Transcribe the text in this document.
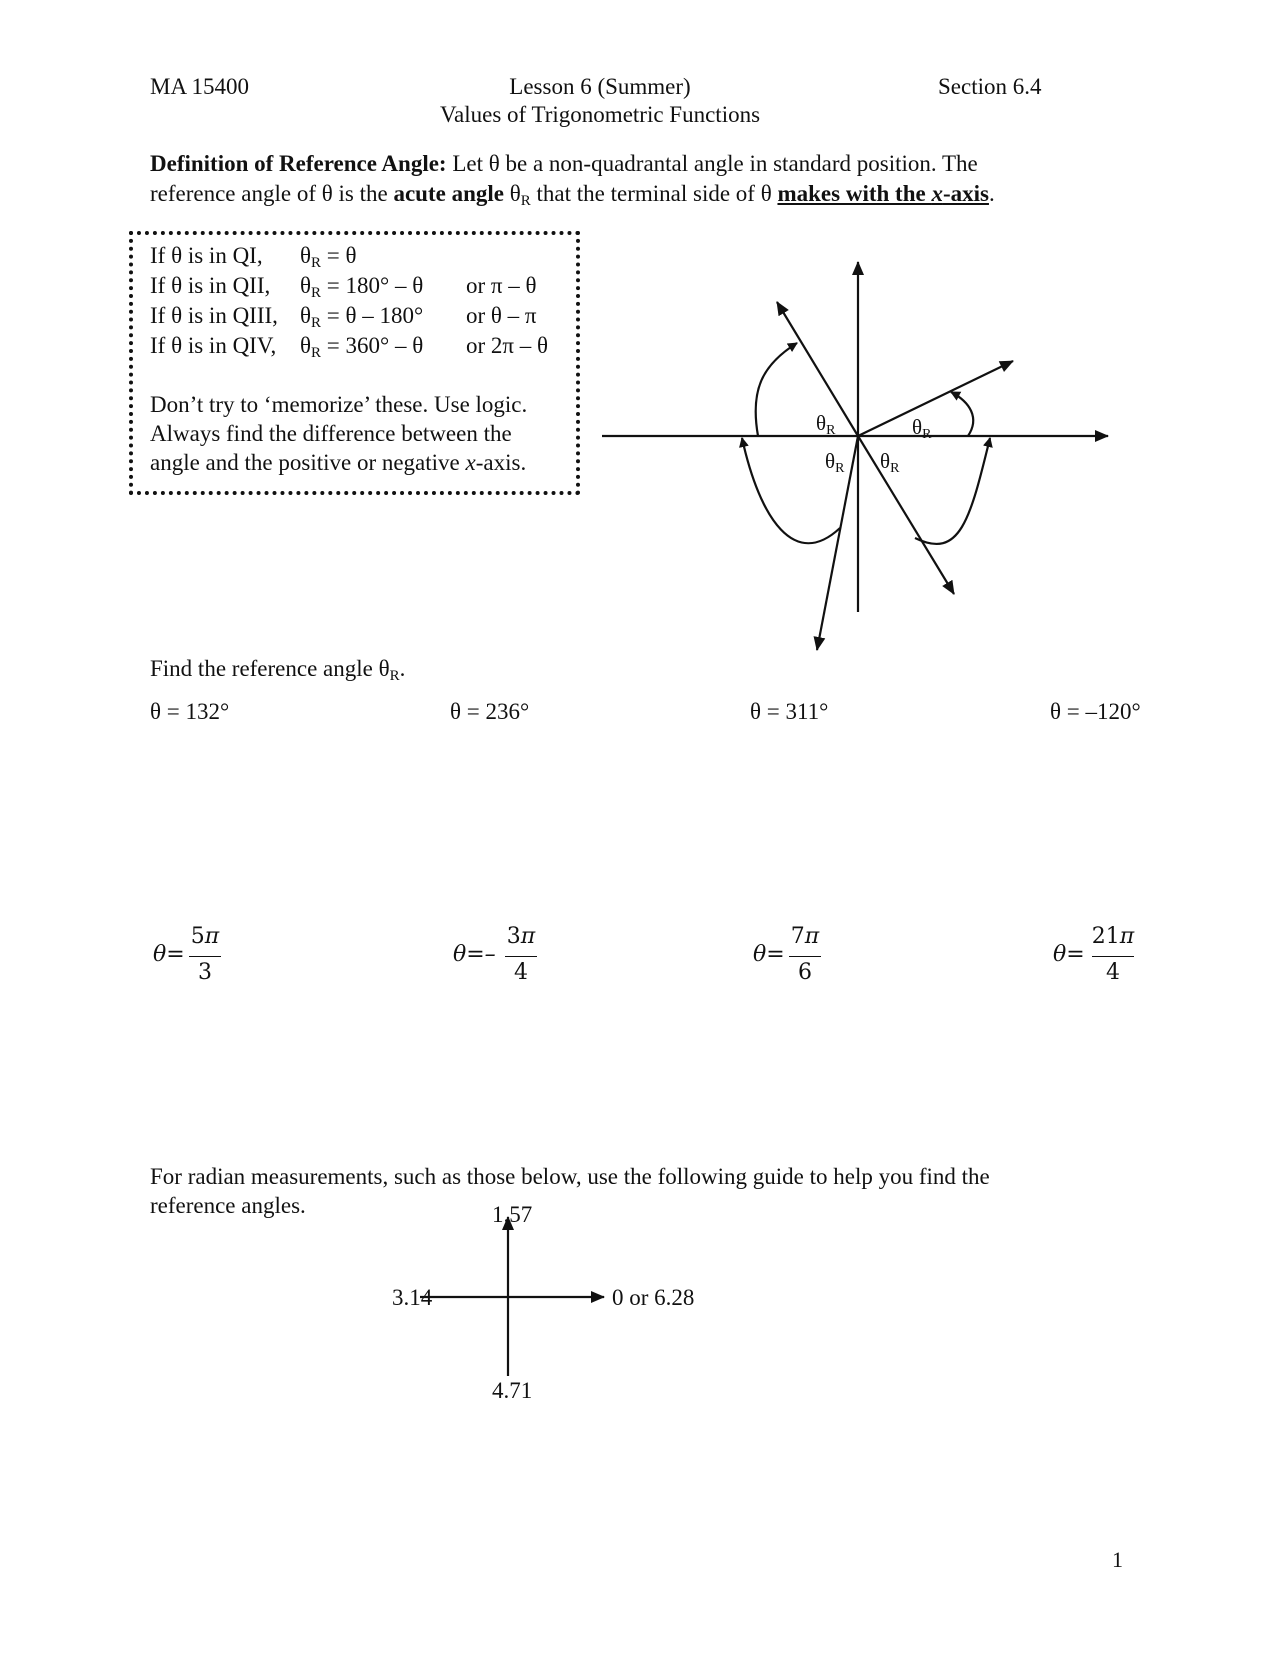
MA 15400	Lesson 6 (Summer)
Values of Trigonometric Functions
Section 6.4
Definition of Reference Angle: Let θ be a non-quadrantal angle in standard position. The
reference angle of θ is the acute angle $\theta_R$ that the terminal side of θ makes with the x-axis.
If θ is in QI, $\theta_R = \theta$
If θ is in QII, $\theta_R = 180^\circ - \theta$ or π – θ
If θ is in QIII, $\theta_R = \theta - 180^\circ$ or θ – π
If θ is in QIV, $\theta_R = 360^\circ - \theta$ or 2π – θ
Don’t try to ‘memorize’ these. Use logic.
Always find the difference between the
angle and the positive or negative x-axis.
θR	θR
θR θR
Find the reference angle $\theta_R$.
θ = 132°	θ = 236°	θ = 311°	θ = –120°
θ=
5π
3
θ=–
3π
4
θ=
7π
6
θ=
21π
4
For radian measurements, such as those below, use the following guide to help you find the
reference angles.	1.57
3.14	0 or 6.28
4.71
1
